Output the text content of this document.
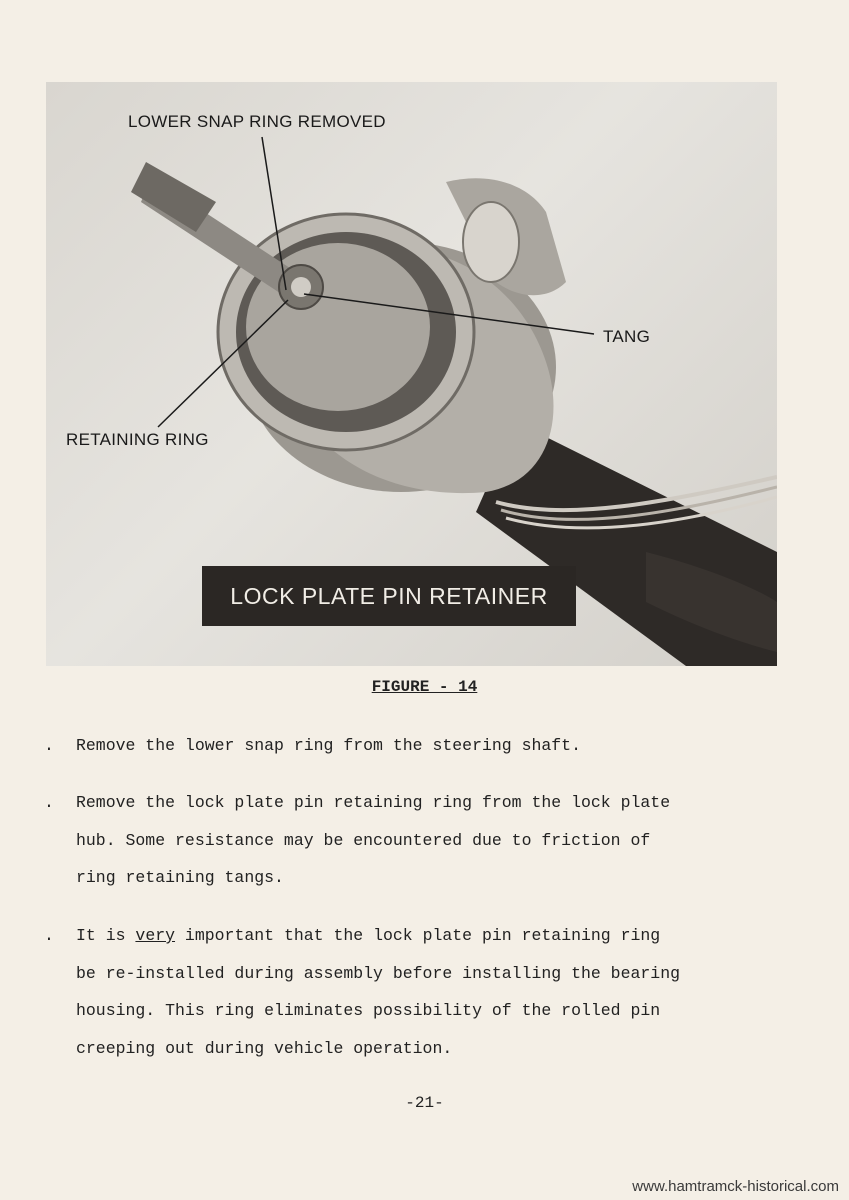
LOWER SNAP RING REMOVED
TANG
RETAINING RING
LOCK PLATE PIN RETAINER
FIGURE - 14
. Remove the lower snap ring from the steering shaft.
. Remove the lock plate pin retaining ring from the lock plate
hub. Some resistance may be encountered due to friction of
ring retaining tangs.
. It is very important that the lock plate pin retaining ring
be re-installed during assembly before installing the bearing
housing. This ring eliminates possibility of the rolled pin
creeping out during vehicle operation.
-21-
www.hamtramck-historical.com
